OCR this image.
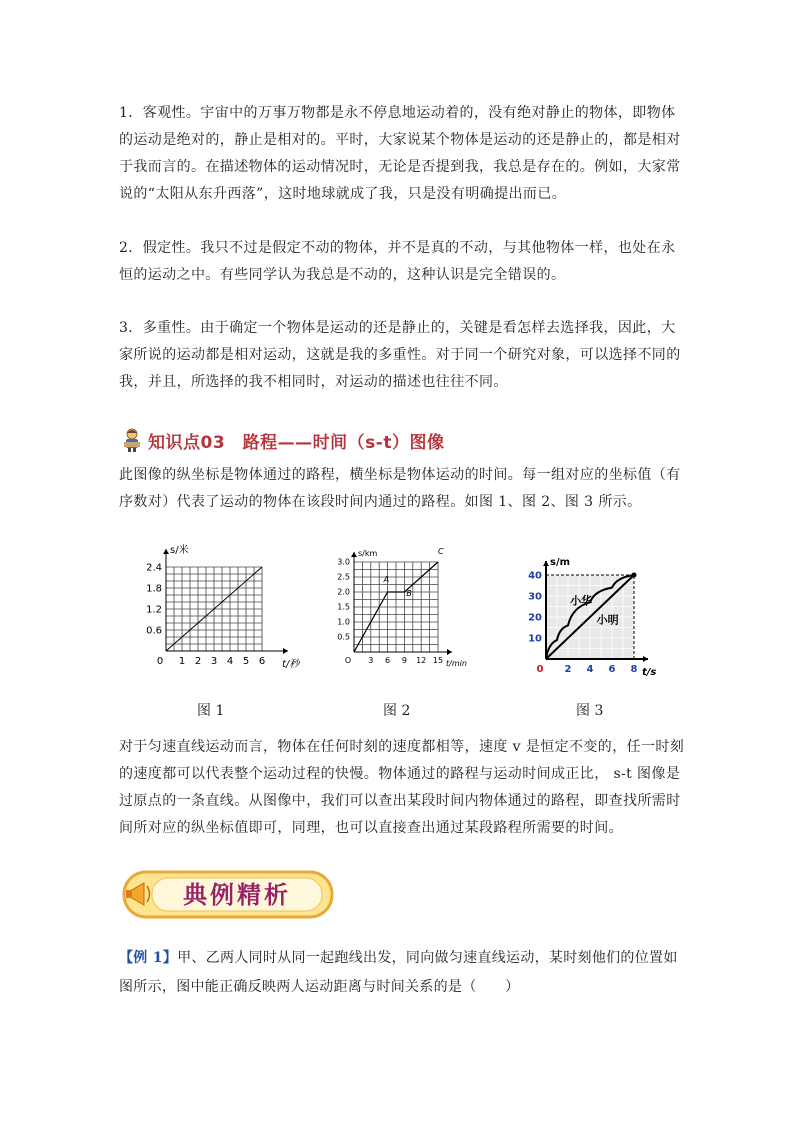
1．客观性。宇宙中的万事万物都是永不停息地运动着的，没有绝对静止的物体，即物体的运动是绝对的，静止是相对的。平时，大家说某个物体是运动的还是静止的，都是相对于我而言的。在描述物体的运动情况时，无论是否提到我，我总是存在的。例如，大家常说的“太阳从东升西落”，这时地球就成了我，只是没有明确提出而已。
2．假定性。我只不过是假定不动的物体，并不是真的不动，与其他物体一样，也处在永恒的运动之中。有些同学认为我总是不动的，这种认识是完全错误的。
3．多重性。由于确定一个物体是运动的还是静止的，关键是看怎样去选择我，因此，大家所说的运动都是相对运动，这就是我的多重性。对于同一个研究对象，可以选择不同的我，并且，所选择的我不相同时，对运动的描述也往往不同。
知识点03　路程——时间（s-t）图像
此图像的纵坐标是物体通过的路程，横坐标是物体运动的时间。每一组对应的坐标值（有序数对）代表了运动的物体在该段时间内通过的路程。如图 1、图 2、图 3 所示。
1 2 3 4 5 6
0.6
1.2
1.8
2.4
0
s/米
t/秒	3 6 9 12 15
0.5
1.0
1.5
2.0
2.5
3.0
O
s/km
t/min
A
B
C
2 4 6 8
10
20
30
40
0
s/m
t/s
小华
小明
图 1	图 2	图 3
对于匀速直线运动而言，物体在任何时刻的速度都相等，速度 v 是恒定不变的，任一时刻的速度都可以代表整个运动过程的快慢。物体通过的路程与运动时间成正比， s-t 图像是过原点的一条直线。从图像中，我们可以查出某段时间内物体通过的路程，即查找所需时间所对应的纵坐标值即可，同理，也可以直接查出通过某段路程所需要的时间。
典例精析
【例 1】甲、乙两人同时从同一起跑线出发，同向做匀速直线运动，某时刻他们的位置如图所示，图中能正确反映两人运动距离与时间关系的是（　　）
